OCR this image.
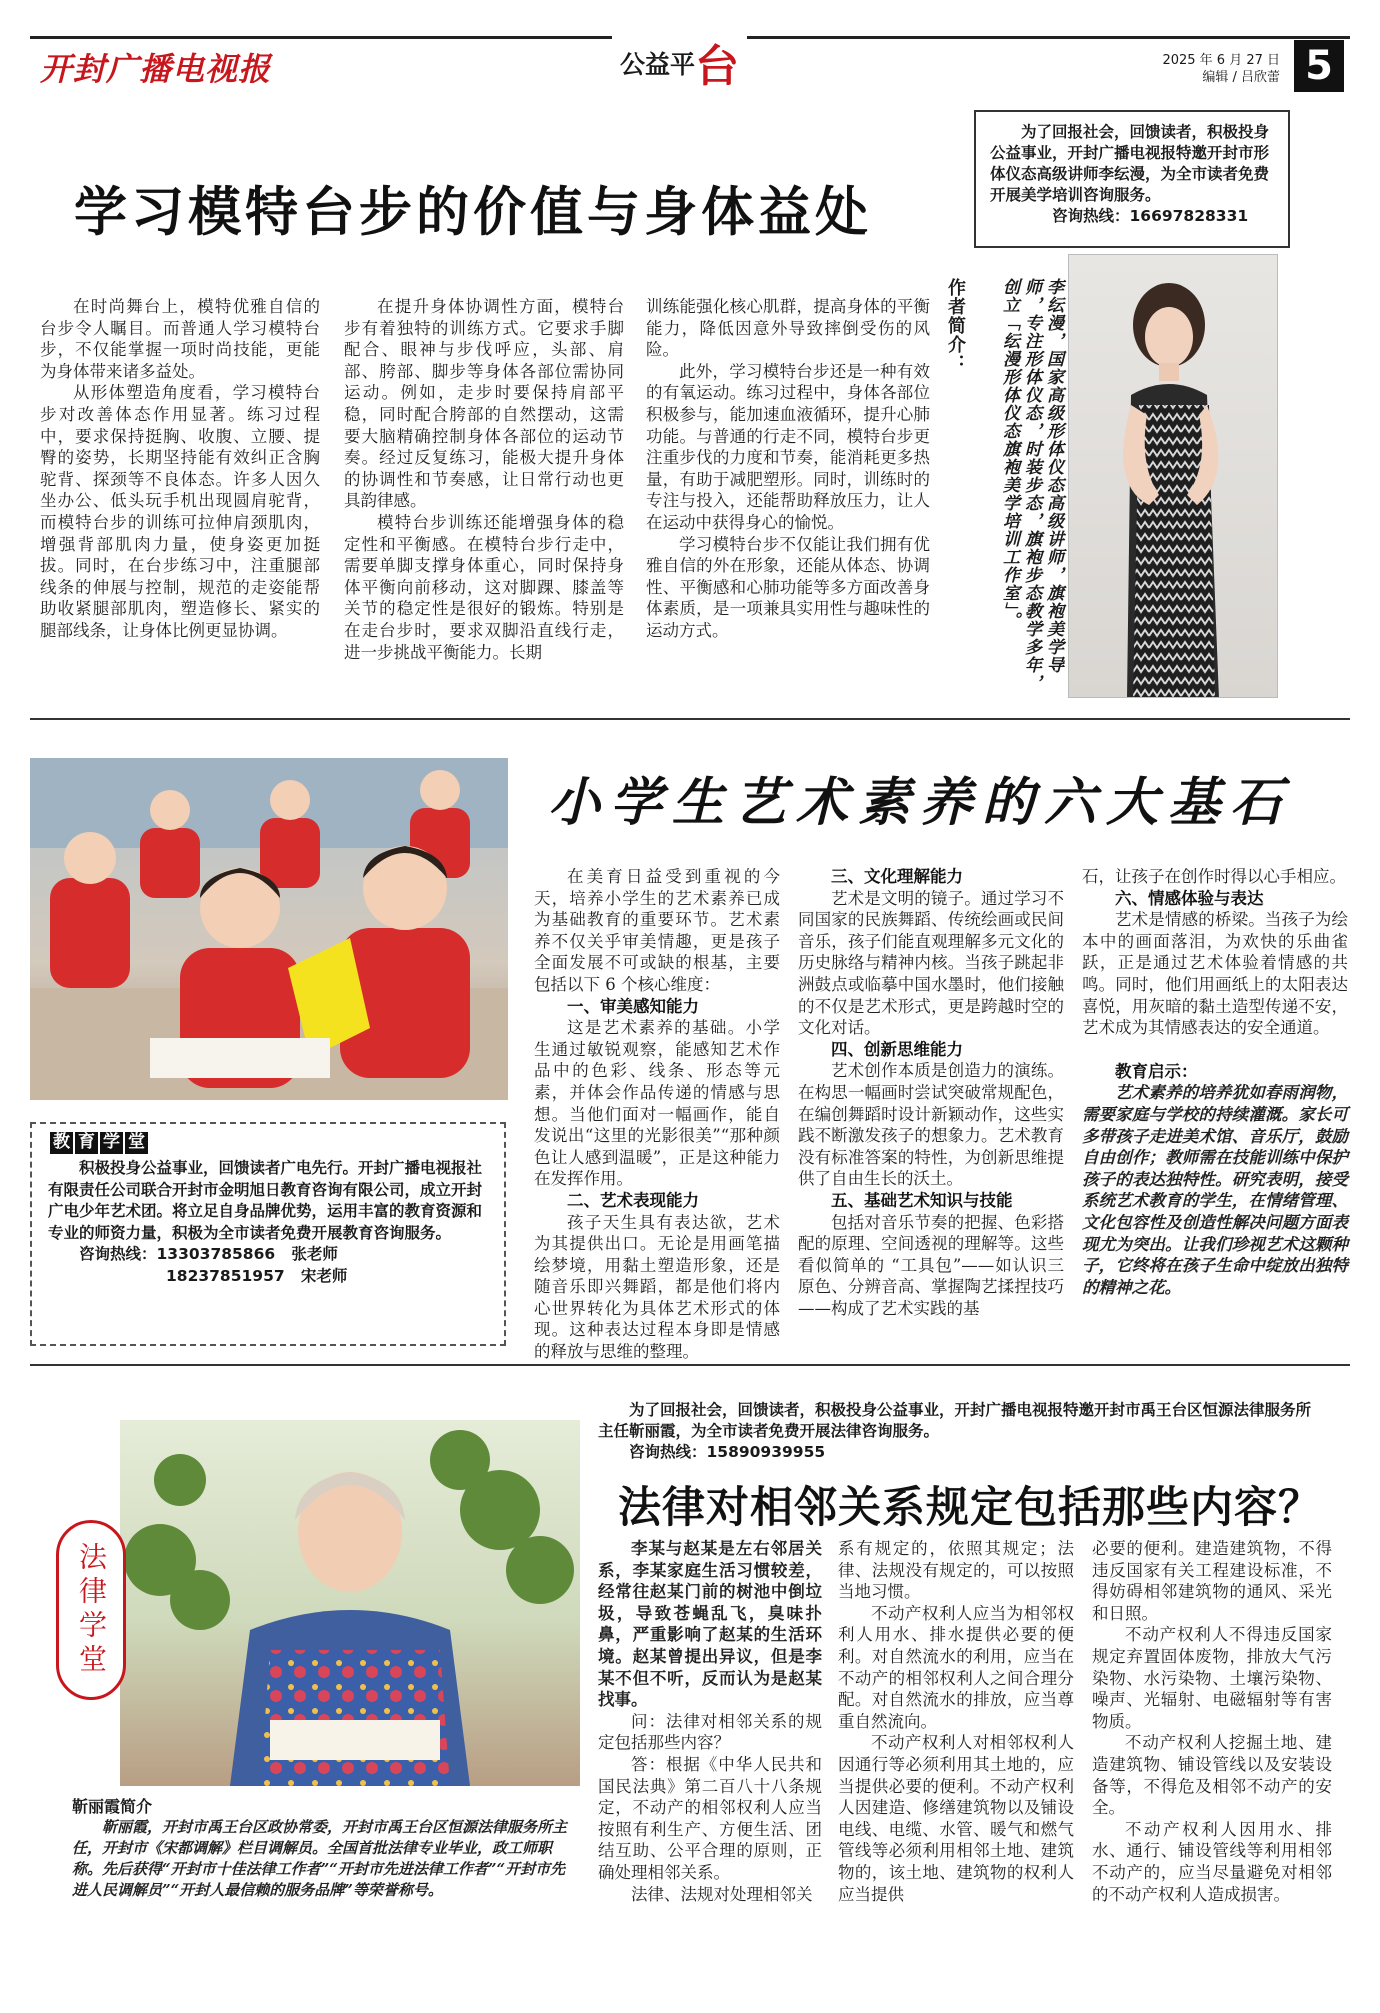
开封广播电视报	公益平台	2025 年 6 月 27 日
编辑 / 吕欣蕾 5
为了回报社会，回馈读者，积极投身公益事业，开封广播电视报特邀开封市形体仪态高级讲师李纭漫，为全市读者免费开展美学培训咨询服务。
咨询热线：16697828331
学习模特台步的价值与身体益处

在时尚舞台上，模特优雅自信的台步令人瞩目。而普通人学习模特台步，不仅能掌握一项时尚技能，更能为身体带来诸多益处。

从形体塑造角度看，学习模特台步对改善体态作用显著。练习过程中，要求保持挺胸、收腹、立腰、提臀的姿势，长期坚持能有效纠正含胸驼背、探颈等不良体态。许多人因久坐办公、低头玩手机出现圆肩驼背，而模特台步的训练可拉伸肩颈肌肉，增强背部肌肉力量，使身姿更加挺拔。同时，在台步练习中，注重腿部线条的伸展与控制，规范的走姿能帮助收紧腿部肌肉，塑造修长、紧实的腿部线条，让身体比例更显协调。

在提升身体协调性方面，模特台步有着独特的训练方式。它要求手脚配合、眼神与步伐呼应，头部、肩部、胯部、脚步等身体各部位需协同运动。例如，走步时要保持肩部平稳，同时配合胯部的自然摆动，这需要大脑精确控制身体各部位的运动节奏。经过反复练习，能极大提升身体的协调性和节奏感，让日常行动也更具韵律感。

模特台步训练还能增强身体的稳定性和平衡感。在模特台步行走中，需要单脚支撑身体重心，同时保持身体平衡向前移动，这对脚踝、膝盖等关节的稳定性是很好的锻炼。特别是在走台步时，要求双脚沿直线行走，进一步挑战平衡能力。长期

训练能强化核心肌群，提高身体的平衡能力，降低因意外导致摔倒受伤的风险。

此外，学习模特台步还是一种有效的有氧运动。练习过程中，身体各部位积极参与，能加速血液循环，提升心肺功能。与普通的行走不同，模特台步更注重步伐的力度和节奏，能消耗更多热量，有助于减肥塑形。同时，训练时的专注与投入，还能帮助释放压力，让人在运动中获得身心的愉悦。

学习模特台步不仅能让我们拥有优雅自信的外在形象，还能从体态、协调性、平衡感和心肺功能等多方面改善身体素质，是一项兼具实用性与趣味性的运动方式。

作者简介：	李纭漫，国家高级形体仪态高级讲师，旗袍美学导师，专注形体仪态，时装步态，旗袍步态教学多年，创立「纭漫形体仪态旗袍美学培训工作室」。
小学生艺术素养的六大基石

在美育日益受到重视的今天，培养小学生的艺术素养已成为基础教育的重要环节。艺术素养不仅关乎审美情趣，更是孩子全面发展不可或缺的根基，主要包括以下 6 个核心维度：

一、审美感知能力

这是艺术素养的基础。小学生通过敏锐观察，能感知艺术作品中的色彩、线条、形态等元素，并体会作品传递的情感与思想。当他们面对一幅画作，能自发说出“这里的光影很美”“那种颜色让人感到温暖”，正是这种能力在发挥作用。

二、艺术表现能力

孩子天生具有表达欲，艺术为其提供出口。无论是用画笔描绘梦境，用黏土塑造形象，还是随音乐即兴舞蹈，都是他们将内心世界转化为具体艺术形式的体现。这种表达过程本身即是情感的释放与思维的整理。

三、文化理解能力

艺术是文明的镜子。通过学习不同国家的民族舞蹈、传统绘画或民间音乐，孩子们能直观理解多元文化的历史脉络与精神内核。当孩子跳起非洲鼓点或临摹中国水墨时，他们接触的不仅是艺术形式，更是跨越时空的文化对话。

四、创新思维能力

艺术创作本质是创造力的演练。在构思一幅画时尝试突破常规配色，在编创舞蹈时设计新颖动作，这些实践不断激发孩子的想象力。艺术教育没有标准答案的特性，为创新思维提供了自由生长的沃土。

五、基础艺术知识与技能

包括对音乐节奏的把握、色彩搭配的原理、空间透视的理解等。这些看似简单的 “工具包”——如认识三原色、分辨音高、掌握陶艺揉捏技巧——构成了艺术实践的基

石，让孩子在创作时得以心手相应。

六、情感体验与表达

艺术是情感的桥梁。当孩子为绘本中的画面落泪，为欢快的乐曲雀跃，正是通过艺术体验着情感的共鸣。同时，他们用画纸上的太阳表达喜悦，用灰暗的黏土造型传递不安，艺术成为其情感表达的安全通道。

教育启示：

艺术素养的培养犹如春雨润物，需要家庭与学校的持续灌溉。家长可多带孩子走进美术馆、音乐厅，鼓励自由创作；教师需在技能训练中保护孩子的表达独特性。研究表明，接受系统艺术教育的学生，在情绪管理、文化包容性及创造性解决问题方面表现尤为突出。让我们珍视艺术这颗种子，它终将在孩子生命中绽放出独特的精神之花。

教 育 学 堂

积极投身公益事业，回馈读者广电先行。开封广播电视报社有限责任公司联合开封市金明旭日教育咨询有限公司，成立开封广电少年艺术团。将立足自身品牌优势，运用丰富的教育资源和专业的师资力量，积极为全市读者免费开展教育咨询服务。

咨询热线：13303785866 张老师
18237851957 宋老师
法律学堂
为了回报社会，回馈读者，积极投身公益事业，开封广播电视报特邀开封市禹王台区恒源法律服务所主任靳丽霞，为全市读者免费开展法律咨询服务。
咨询热线：15890939955
法律对相邻关系规定包括那些内容？

李某与赵某是左右邻居关系，李某家庭生活习惯较差，经常往赵某门前的树池中倒垃圾，导致苍蝇乱飞，臭味扑鼻，严重影响了赵某的生活环境。赵某曾提出异议，但是李某不但不听，反而认为是赵某找事。

问：法律对相邻关系的规定包括那些内容？

答：根据《中华人民共和国民法典》第二百八十八条规定，不动产的相邻权利人应当按照有利生产、方便生活、团结互助、公平合理的原则，正确处理相邻关系。

法律、法规对处理相邻关

系有规定的，依照其规定；法律、法规没有规定的，可以按照当地习惯。

不动产权利人应当为相邻权利人用水、排水提供必要的便利。对自然流水的利用，应当在不动产的相邻权利人之间合理分配。对自然流水的排放，应当尊重自然流向。

不动产权利人对相邻权利人因通行等必须利用其土地的，应当提供必要的便利。不动产权利人因建造、修缮建筑物以及铺设电线、电缆、水管、暖气和燃气管线等必须利用相邻土地、建筑物的，该土地、建筑物的权利人应当提供

必要的便利。建造建筑物，不得违反国家有关工程建设标准，不得妨碍相邻建筑物的通风、采光和日照。

不动产权利人不得违反国家规定弃置固体废物，排放大气污染物、水污染物、土壤污染物、噪声、光辐射、电磁辐射等有害物质。

不动产权利人挖掘土地、建造建筑物、铺设管线以及安装设备等，不得危及相邻不动产的安全。

不动产权利人因用水、排水、通行、铺设管线等利用相邻不动产的，应当尽量避免对相邻的不动产权利人造成损害。

靳丽霞简介

靳丽霞，开封市禹王台区政协常委，开封市禹王台区恒源法律服务所主任，开封市《宋都调解》栏目调解员。全国首批法律专业毕业，政工师职称。先后获得“开封市十佳法律工作者”“开封市先进法律工作者”“开封市先进人民调解员”“开封人最信赖的服务品牌”等荣誉称号。
